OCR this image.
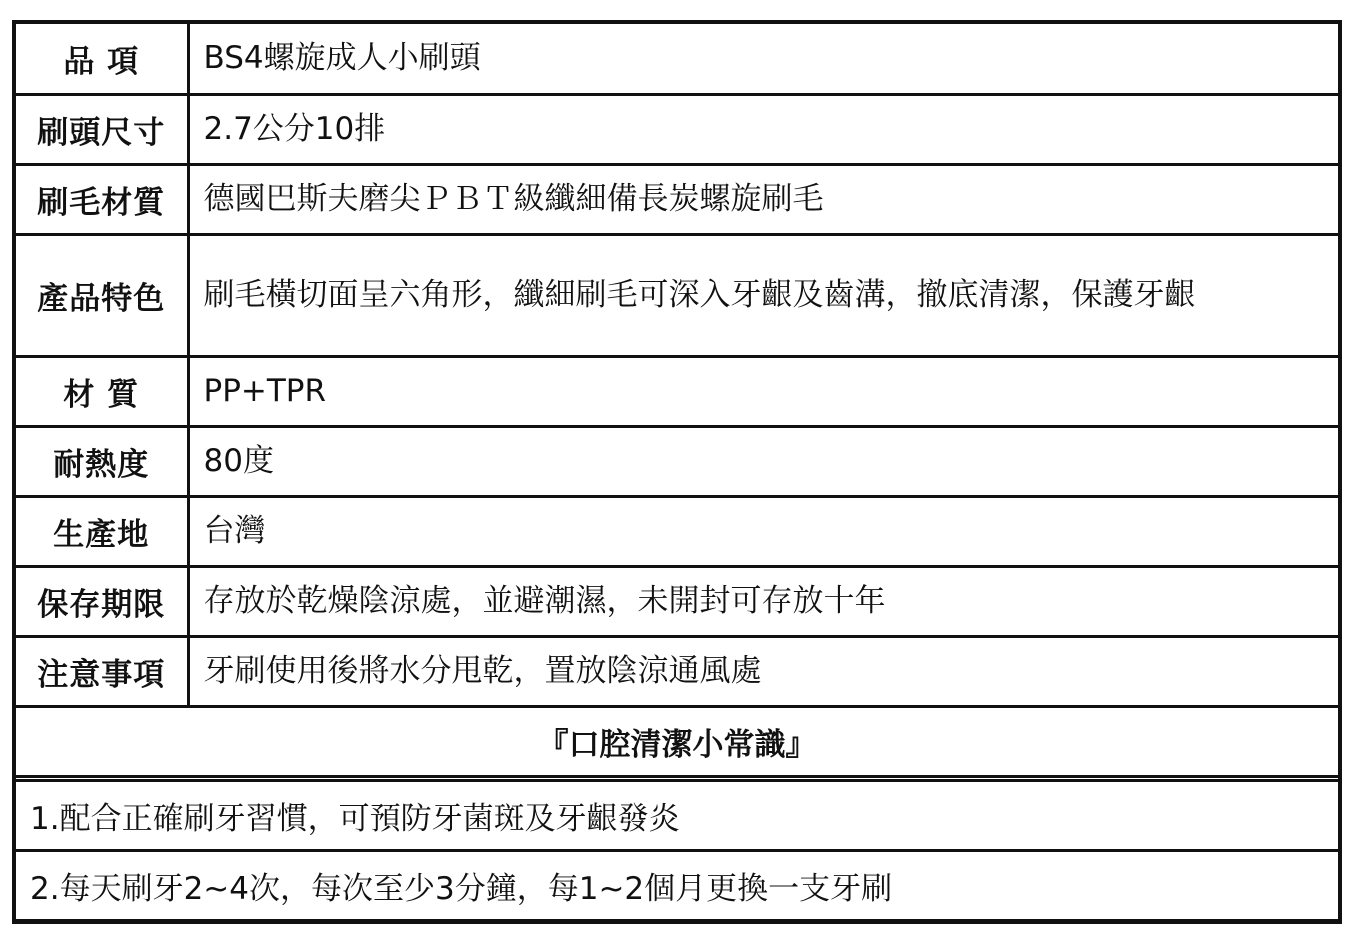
品 項	BS4螺旋成人小刷頭
刷頭尺寸	2.7公分10排
刷毛材質	德國巴斯夫磨尖ＰＢＴ級纖細備長炭螺旋刷毛
產品特色	刷毛橫切面呈六角形，纖細刷毛可深入牙齦及齒溝，撤底清潔，保護牙齦
材 質	PP+TPR
耐熱度	80度
生產地	台灣
保存期限	存放於乾燥陰涼處，並避潮濕，未開封可存放十年
注意事項	牙刷使用後將水分甩乾，置放陰涼通風處
『口腔清潔小常識』	

1.配合正確刷牙習慣，可預防牙菌斑及牙齦發炎	
2.每天刷牙2~4次，每次至少3分鐘，每1~2個月更換一支牙刷	
